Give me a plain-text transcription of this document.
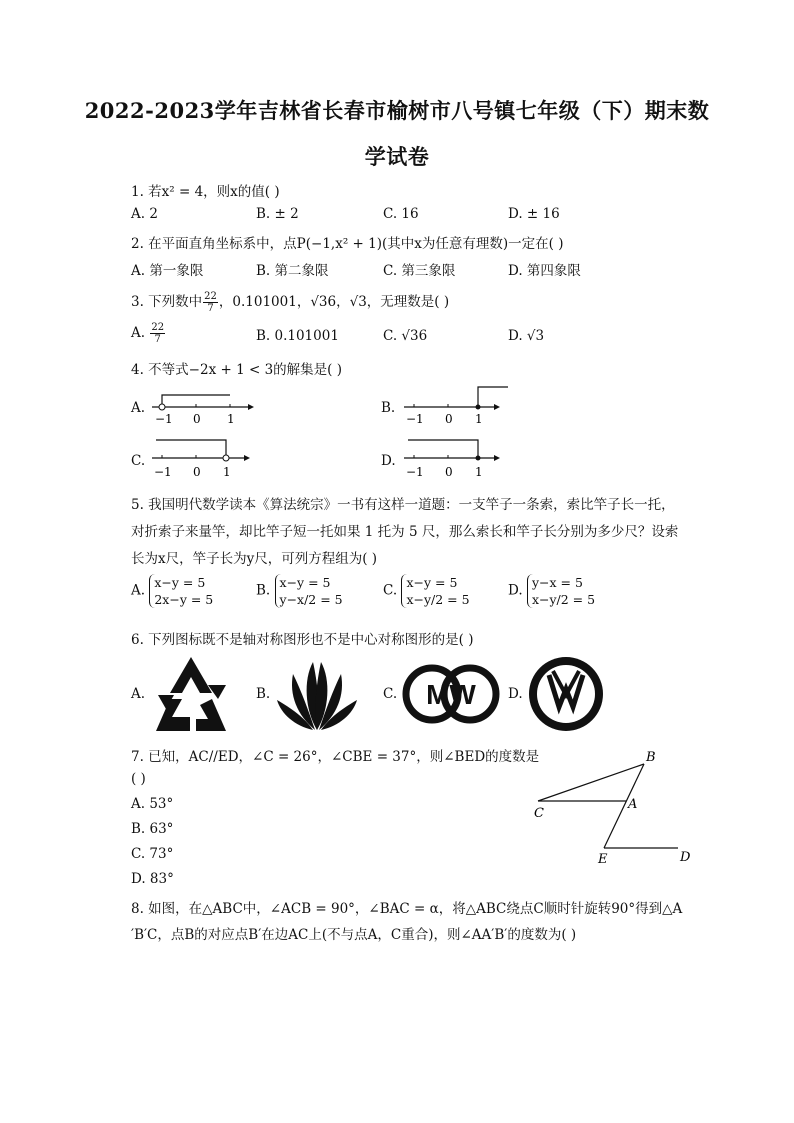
2022-2023学年吉林省长春市榆树市八号镇七年级（下）期末数
学试卷
1. 若x² = 4，则x的值( )
A. 2	B. ± 2	C. 16	D. ± 16
2. 在平面直角坐标系中，点P(−1,x² + 1)(其中x为任意有理数)一定在( )
A. 第一象限	B. 第二象限	C. 第三象限	D. 第四象限
3. 下列数中 $\frac{22}{7}$ ，0.101001，√36，√3，无理数是( )
A. $\frac{22}{7}$	B. 0.101001	C. √36	D. √3
4. 不等式−2x + 1 < 3的解集是( )
A.
−1 0 1
B.
−1 0 1
C.
−1 0 1
D.
−1 0 1
5. 我国明代数学读本《算法统宗》一书有这样一道题：一支竿子一条索，索比竿子长一托，
对折索子来量竿，却比竿子短一托如果 1 托为 5 尺，那么索长和竿子长分别为多少尺？设索
长为x尺，竿子长为y尺，可列方程组为( )
A. x−y = 5
2x−y = 5
B. x−y = 5
y−x/2 = 5
C. x−y = 5
x−y/2 = 5
D. y−x = 5
x−y/2 = 5
6. 下列图标既不是轴对称图形也不是中心对称图形的是( )
A.	B.	C. MW D.
7. 已知，AC//ED，∠C = 26°，∠CBE = 37°，则∠BED的度数是
( )
A. 53°
B. 63°
C. 73°
D. 83°
B
C
A
E	D
8. 如图，在△ABC中，∠ACB = 90°，∠BAC = α，将△ABC绕点C顺时针旋转90°得到△A
′B′C，点B的对应点B′在边AC上(不与点A，C重合)，则∠AA′B′的度数为( )
